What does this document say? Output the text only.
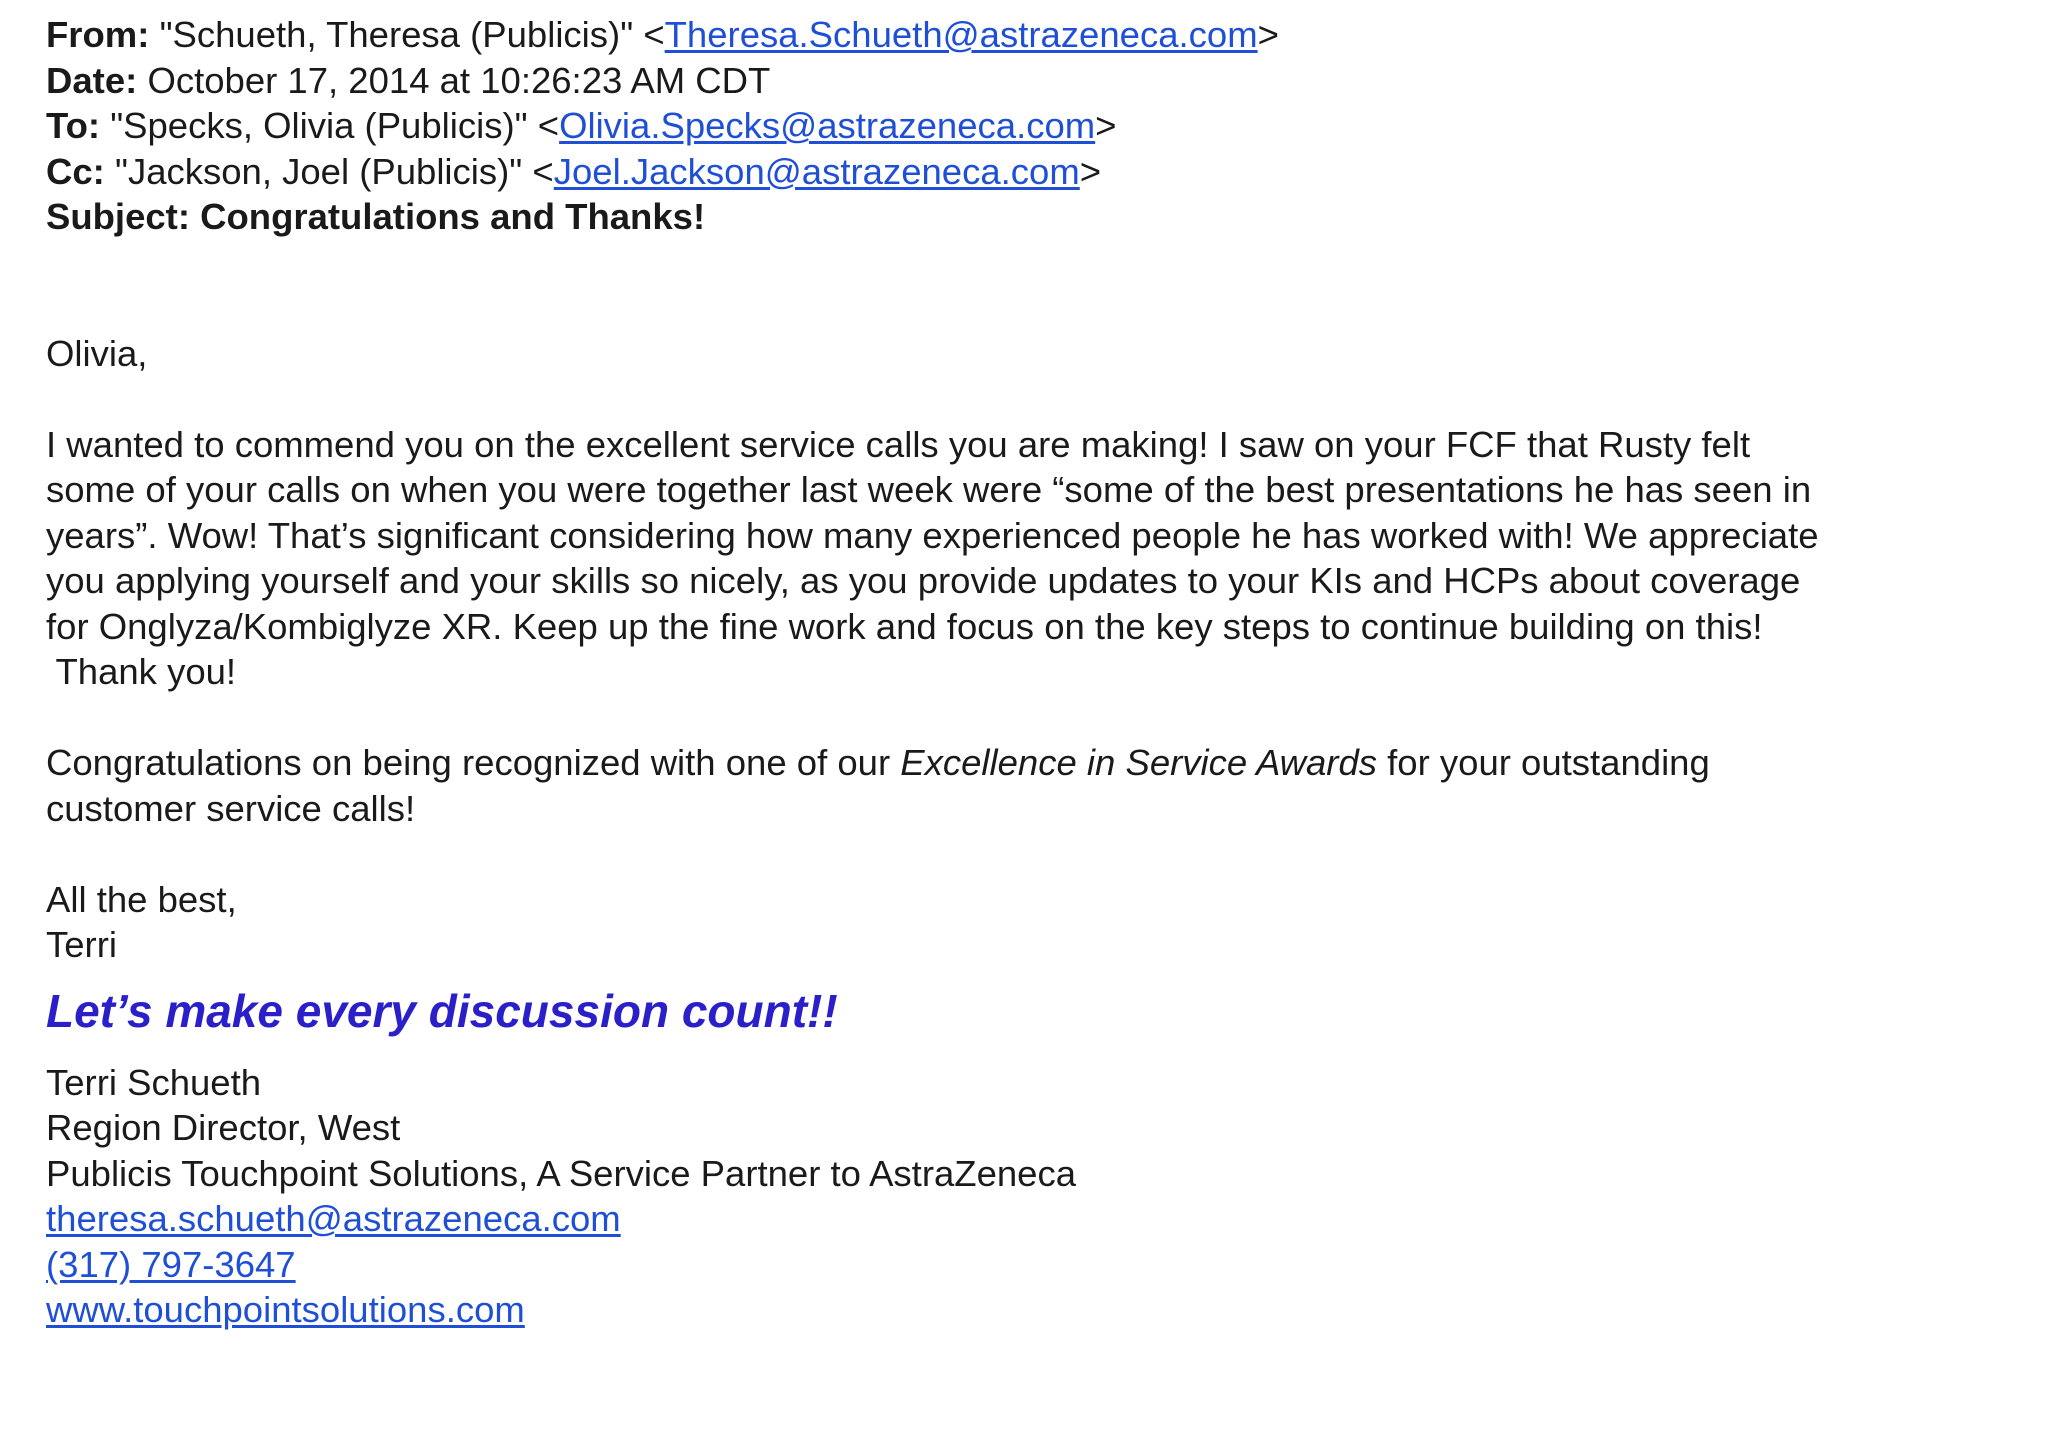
From: "Schueth, Theresa (Publicis)" <Theresa.Schueth@astrazeneca.com>
Date: October 17, 2014 at 10:26:23 AM CDT
To: "Specks, Olivia (Publicis)" <Olivia.Specks@astrazeneca.com>
Cc: "Jackson, Joel (Publicis)" <Joel.Jackson@astrazeneca.com>
Subject: Congratulations and Thanks!
Olivia,
I wanted to commend you on the excellent service calls you are making! I saw on your FCF that Rusty felt
some of your calls on when you were together last week were “some of the best presentations he has seen in
years”. Wow! That’s significant considering how many experienced people he has worked with! We appreciate
you applying yourself and your skills so nicely, as you provide updates to your KIs and HCPs about coverage
for Onglyza/Kombiglyze XR. Keep up the fine work and focus on the key steps to continue building on this!
Thank you!
Congratulations on being recognized with one of our Excellence in Service Awards for your outstanding
customer service calls!
All the best,
Terri
Let’s make every discussion count!!
Terri Schueth
Region Director, West
Publicis Touchpoint Solutions, A Service Partner to AstraZeneca
theresa.schueth@astrazeneca.com
(317) 797-3647
www.touchpointsolutions.com
